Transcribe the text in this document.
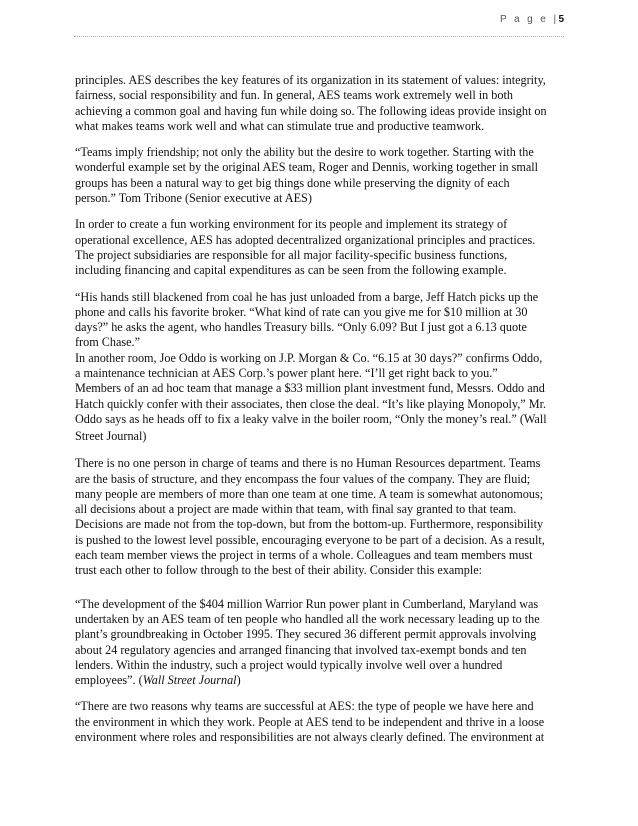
P a g e |5

principles. AES describes the key features of its organization in its statement of values: integrity,
fairness, social responsibility and fun. In general, AES teams work extremely well in both
achieving a common goal and having fun while doing so. The following ideas provide insight on
what makes teams work well and what can stimulate true and productive teamwork.

“Teams imply friendship; not only the ability but the desire to work together. Starting with the
wonderful example set by the original AES team, Roger and Dennis, working together in small
groups has been a natural way to get big things done while preserving the dignity of each
person.” Tom Tribone (Senior executive at AES)

In order to create a fun working environment for its people and implement its strategy of
operational excellence, AES has adopted decentralized organizational principles and practices.
The project subsidiaries are responsible for all major facility-specific business functions,
including financing and capital expenditures as can be seen from the following example.

“His hands still blackened from coal he has just unloaded from a barge, Jeff Hatch picks up the
phone and calls his favorite broker. “What kind of rate can you give me for $10 million at 30
days?” he asks the agent, who handles Treasury bills. “Only 6.09? But I just got a 6.13 quote
from Chase.”

In another room, Joe Oddo is working on J.P. Morgan & Co. “6.15 at 30 days?” confirms Oddo,
a maintenance technician at AES Corp.’s power plant here. “I’ll get right back to you.”
Members of an ad hoc team that manage a $33 million plant investment fund, Messrs. Oddo and
Hatch quickly confer with their associates, then close the deal. “It’s like playing Monopoly,” Mr.
Oddo says as he heads off to fix a leaky valve in the boiler room, “Only the money’s real.” (Wall
Street Journal)

There is no one person in charge of teams and there is no Human Resources department. Teams
are the basis of structure, and they encompass the four values of the company. They are fluid;
many people are members of more than one team at one time. A team is somewhat autonomous;
all decisions about a project are made within that team, with final say granted to that team.
Decisions are made not from the top-down, but from the bottom-up. Furthermore, responsibility
is pushed to the lowest level possible, encouraging everyone to be part of a decision. As a result,
each team member views the project in terms of a whole. Colleagues and team members must
trust each other to follow through to the best of their ability. Consider this example:

“The development of the $404 million Warrior Run power plant in Cumberland, Maryland was
undertaken by an AES team of ten people who handled all the work necessary leading up to the
plant’s groundbreaking in October 1995. They secured 36 different permit approvals involving
about 24 regulatory agencies and arranged financing that involved tax-exempt bonds and ten
lenders. Within the industry, such a project would typically involve well over a hundred
employees”. (Wall Street Journal)

“There are two reasons why teams are successful at AES: the type of people we have here and
the environment in which they work. People at AES tend to be independent and thrive in a loose
environment where roles and responsibilities are not always clearly defined. The environment at
